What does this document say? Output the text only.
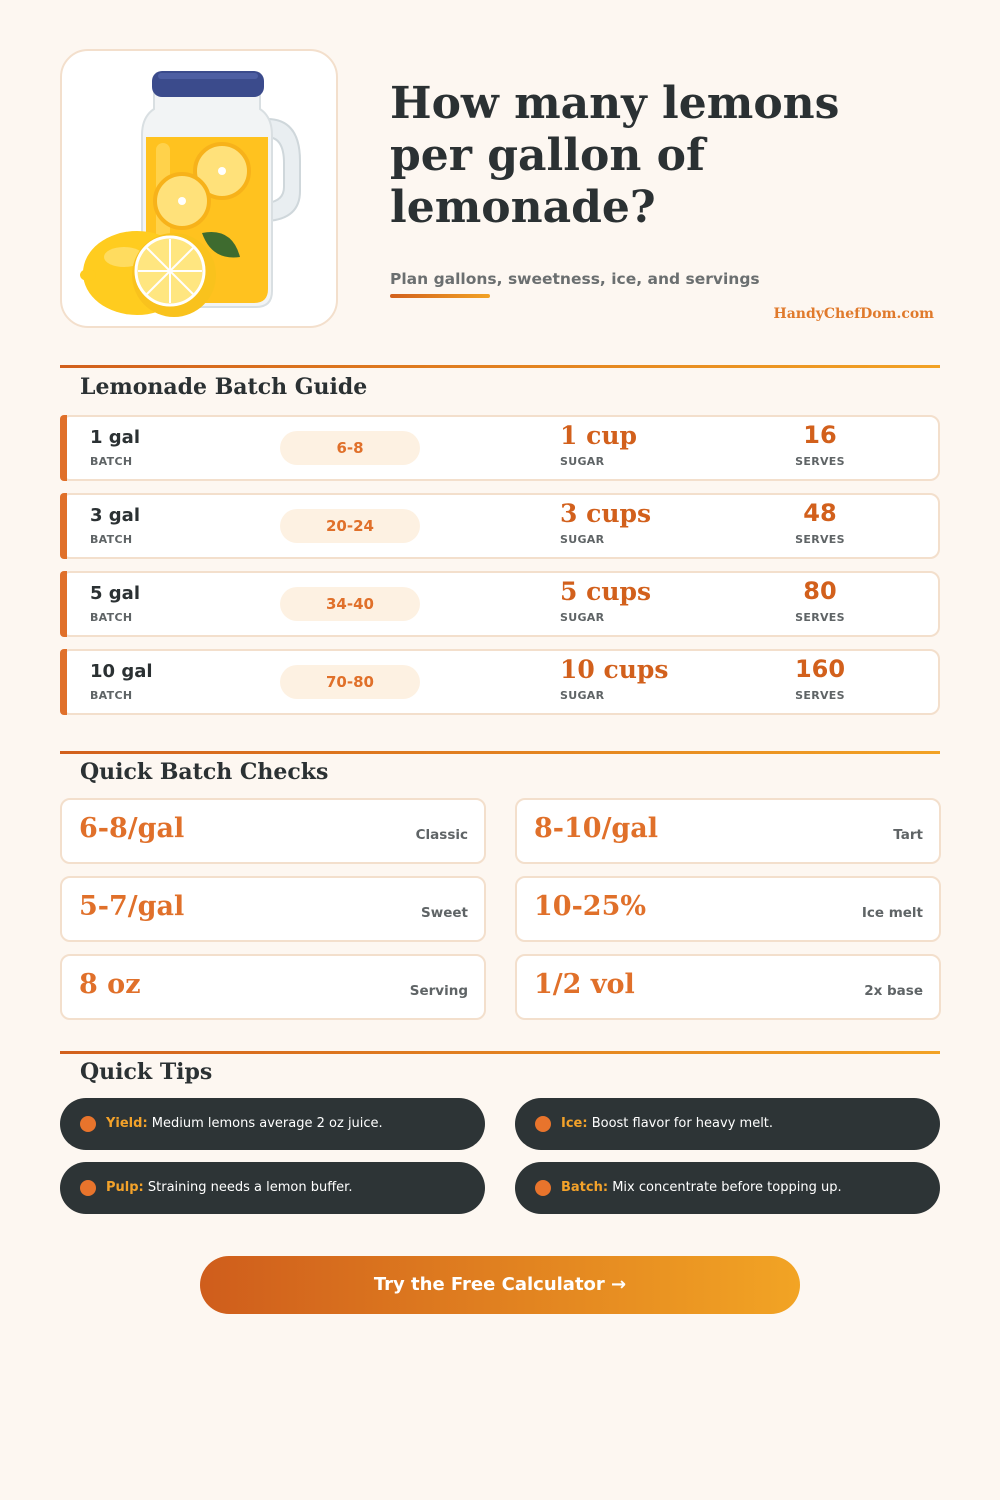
How many lemons per gallon of lemonade?
Plan gallons, sweetness, ice, and servings
HandyChefDom.com
Lemonade Batch Guide
1 gal
BATCH
6-8	1 cup
SUGAR
16
SERVES
3 gal
BATCH
20-24	3 cups
SUGAR
48
SERVES
5 gal
BATCH
34-40	5 cups
SUGAR
80
SERVES
10 gal
BATCH
70-80	10 cups
SUGAR
160
SERVES
Quick Batch Checks
6-8/gal	Classic 8-10/gal	Tart
5-7/gal	Sweet 10-25%	Ice melt
8 oz	Serving 1/2 vol	2x base
Quick Tips
Yield: Medium lemons average 2 oz juice.	Ice: Boost flavor for heavy melt.
Pulp: Straining needs a lemon buffer.	Batch: Mix concentrate before topping up.
Try the Free Calculator →
